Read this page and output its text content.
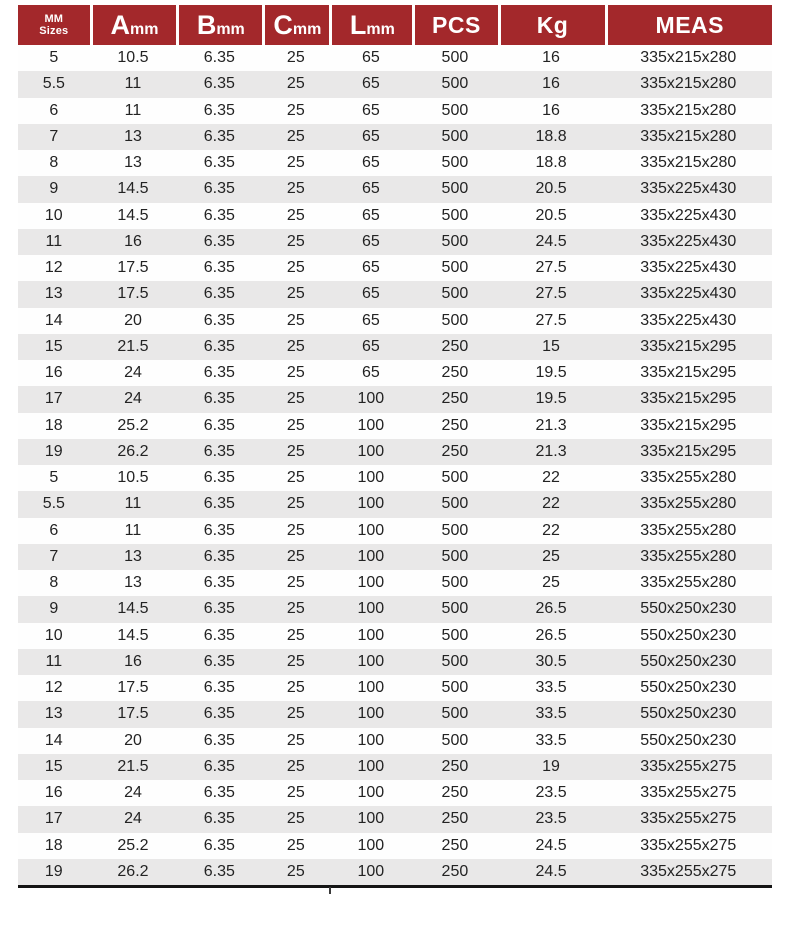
MM
Sizes	Amm	Bmm	Cmm	Lmm	PCS	Kg	MEAS
5	10.5	6.35	25	65	500	16	335x215x280
5.5	11	6.35	25	65	500	16	335x215x280
6	11	6.35	25	65	500	16	335x215x280
7	13	6.35	25	65	500	18.8	335x215x280
8	13	6.35	25	65	500	18.8	335x215x280
9	14.5	6.35	25	65	500	20.5	335x225x430
10	14.5	6.35	25	65	500	20.5	335x225x430
11	16	6.35	25	65	500	24.5	335x225x430
12	17.5	6.35	25	65	500	27.5	335x225x430
13	17.5	6.35	25	65	500	27.5	335x225x430
14	20	6.35	25	65	500	27.5	335x225x430
15	21.5	6.35	25	65	250	15	335x215x295
16	24	6.35	25	65	250	19.5	335x215x295
17	24	6.35	25	100	250	19.5	335x215x295
18	25.2	6.35	25	100	250	21.3	335x215x295
19	26.2	6.35	25	100	250	21.3	335x215x295
5	10.5	6.35	25	100	500	22	335x255x280
5.5	11	6.35	25	100	500	22	335x255x280
6	11	6.35	25	100	500	22	335x255x280
7	13	6.35	25	100	500	25	335x255x280
8	13	6.35	25	100	500	25	335x255x280
9	14.5	6.35	25	100	500	26.5	550x250x230
10	14.5	6.35	25	100	500	26.5	550x250x230
11	16	6.35	25	100	500	30.5	550x250x230
12	17.5	6.35	25	100	500	33.5	550x250x230
13	17.5	6.35	25	100	500	33.5	550x250x230
14	20	6.35	25	100	500	33.5	550x250x230
15	21.5	6.35	25	100	250	19	335x255x275
16	24	6.35	25	100	250	23.5	335x255x275
17	24	6.35	25	100	250	23.5	335x255x275
18	25.2	6.35	25	100	250	24.5	335x255x275
19	26.2	6.35	25	100	250	24.5	335x255x275
